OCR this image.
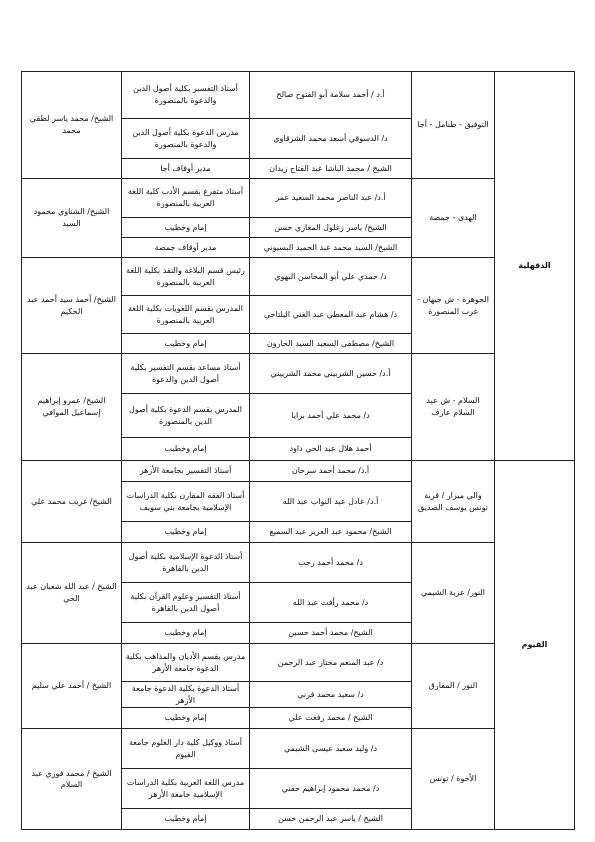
الدقهلية	التوفيق - طنامل - أجا	أ.د / أحمد سلامة أبو الفتوح صالح	أستاذ التفسير بكلية أصول الدين والدعوة بالمنصورة	الشيخ/ محمد ياسر لطفي محمد
		د/ الدسوقي أسعد محمد الشرقاوي	مدرس الدعوة بكلية أصول الدين والدعوة بالمنصورة	
		الشيخ / محمد الباشا عبد الفتاح زيدان	مدير أوقاف أجا	
	الهدى - جمصة	أ.د/ عبد الناصر محمد السعيد عمر	أستاذ متفرغ بقسم الأدب كلية اللغة العربية بالمنصورة	الشيخ/ الشناوي محمود السيد
		الشيخ/ ياسر زغلول المغازي حسن	إمام وخطيب	
		الشيخ/ السيد محمد عبد الحميد البسيوني	مدير أوقاف جمصة	
	الجوهرة - ش جيهان - غرب المنصورة	د/ حمدي علي أبو المحاسن البهوي	رئيس قسم البلاغة والنقد بكلية اللغة العربية بالمنصورة	الشيخ/ أحمد سيد أحمد عبد الحكيم
		د/ هشام عبد المعطي عبد الغني البلتاجي	المدرس بقسم اللغويات بكلية اللغة العربية بالمنصورة	
		الشيخ/ مصطفى السعيد السيد الحارون	إمام وخطيب	
	السلام - ش عبد السلام عارف	أ.د/ حسين الشربيني محمد الشربيني	أستاذ مساعد بقسم التفسير بكلية أصول الدين والدعوة	الشيخ/ عمرو إبراهيم إسماعيل الموافي
		د/ محمد علي أحمد برايا	المدرس بقسم الدعوة بكلية أصول الدين بالمنصورة	
		أحمد هلال عبد الحي داود	إمام وخطيب	
الفيوم	والي ميزار / قرية تونس يوسف الصديق	أ.د/ محمد أحمد سرحان	أستاذ التفسير بجامعة الأزهر	الشيخ/ غريب محمد علي
		أ.د/ عادل عبد التواب عبد الله	أستاذ الفقه المقارن بكلية الدراسات الإسلامية بجامعة بني سويف	
		الشيخ/ محمود عبد العزيز عبد السميع	إمام وخطيب	
	النور/ عزبة الشيمي	د/ محمد أحمد رجب	أستاذ الدعوة الإسلامية بكلية أصول الدين بالقاهرة	الشيخ / عبد الله شعبان عبد الحي
		د/ محمد رأفت عبد الله	أستاذ التفسير وعلوم القرآن بكلية أصول الدين بالقاهرة	
		الشيخ/ محمد أحمد حسين	إمام وخطيب	
	النور / المفارق	د/ عبد المنعم مختار عبد الرحمن	مدرس بقسم الأديان والمذاهب بكلية الدعوة جامعة الأزهر	الشيخ / أحمد علي سليم
		د/ سعيد محمد قرني	أستاذ الدعوة بكلية الدعوة جامعة الأزهر	
		الشيخ / محمد رفعت علي	إمام وخطيب	
	الأخوة / تونس	د/ وليد سعيد عيسى الشيمي	أستاذ ووكيل كلية دار العلوم جامعة الفيوم	الشيخ / محمد فوزي عبد السلام
		د/ محمد محمود إبراهيم حفني	مدرس اللغة العربية بكلية الدراسات الإسلامية جامعة الأزهر	
		الشيخ / ياسر عبد الرحمن حسن	إمام وخطيب	
